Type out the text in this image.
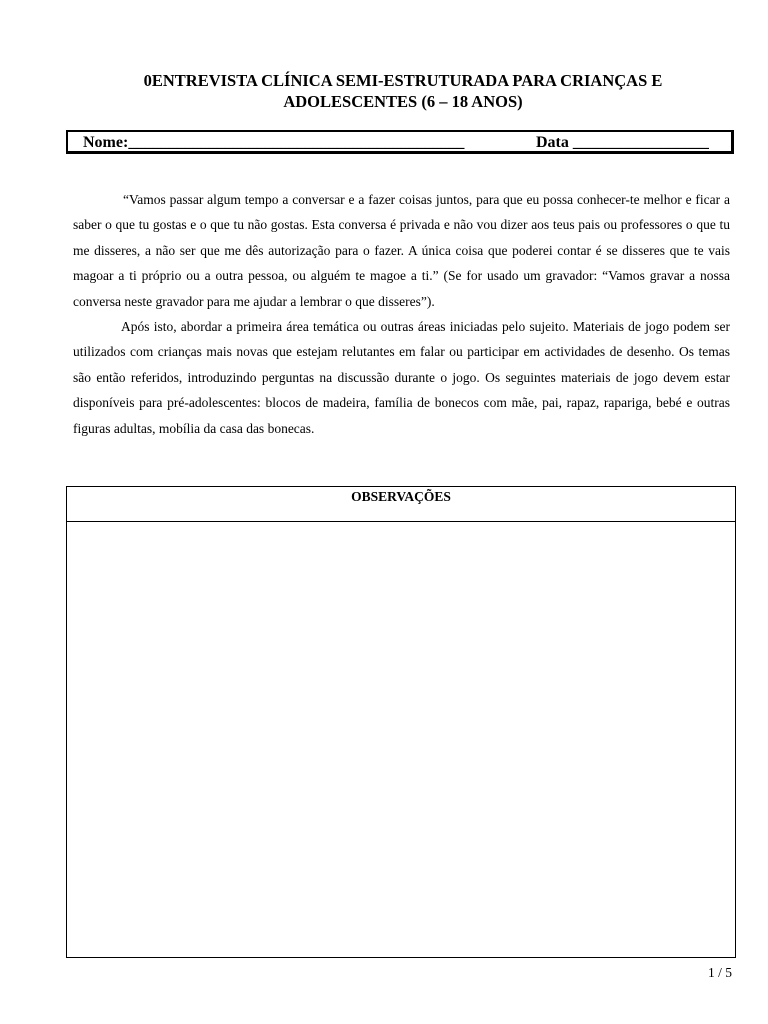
0ENTREVISTA CLÍNICA SEMI-ESTRUTURADA PARA CRIANÇAS E
ADOLESCENTES (6 – 18 ANOS)
Nome:__________________________________________	Data _________________

“Vamos passar algum tempo a conversar e a fazer coisas juntos, para que eu possa conhecer-te melhor e ficar a saber o que tu gostas e o que tu não gostas. Esta conversa é privada e não vou dizer aos teus pais ou professores o que tu me disseres, a não ser que me dês autorização para o fazer. A única coisa que poderei contar é se disseres que te vais magoar a ti próprio ou a outra pessoa, ou alguém te magoe a ti.” (Se for usado um gravador: “Vamos gravar a nossa conversa neste gravador para me ajudar a lembrar o que disseres”).

Após isto, abordar a primeira área temática ou outras áreas iniciadas pelo sujeito. Materiais de jogo podem ser utilizados com crianças mais novas que estejam relutantes em falar ou participar em actividades de desenho. Os temas são então referidos, introduzindo perguntas na discussão durante o jogo. Os seguintes materiais de jogo devem estar disponíveis para pré-adolescentes: blocos de madeira, família de bonecos com mãe, pai, rapaz, rapariga, bebé e outras figuras adultas, mobília da casa das bonecas.

OBSERVAÇÕES
1 / 5
